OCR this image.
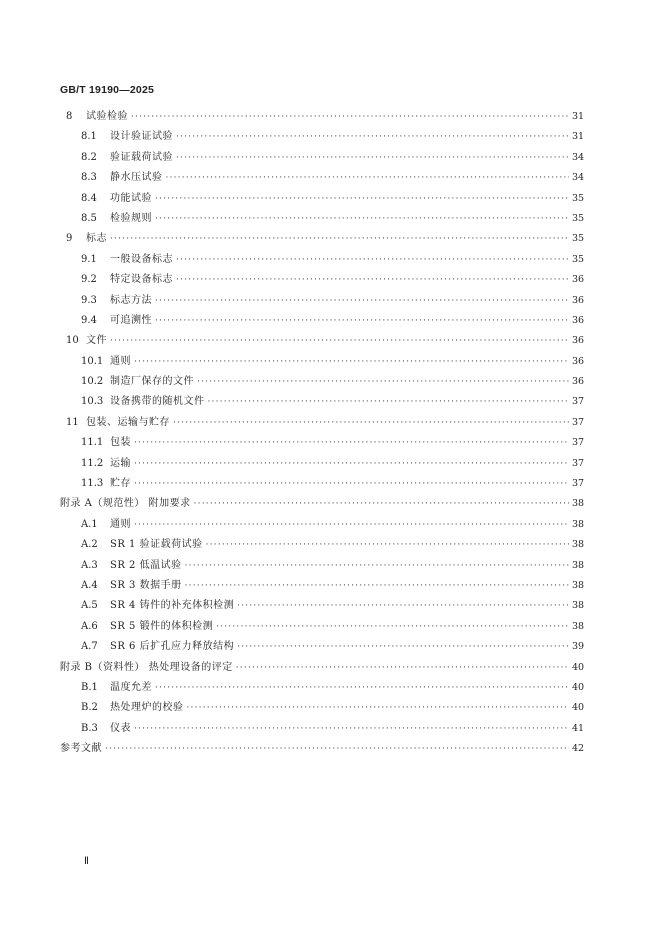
GB/T 19190—2025
8	试验检验 ·····	31
8.1	设计验证试验 ·····	31
8.2	验证载荷试验 ·····	34
8.3	静水压试验 ·····	34
8.4	功能试验 ·····	35
8.5	检验规则 ·····	35
9	标志 ·····	35
9.1	一般设备标志 ·····	35
9.2	特定设备标志 ·····	36
9.3	标志方法 ·····	36
9.4	可追溯性 ·····	36
10 文件 ·····	36
10.1 通则 ·····	36
10.2 制造厂保存的文件 ·····	36
10.3 设备携带的随机文件 ·····	37
11 包装、运输与贮存 ·····	37
11.1 包装 ·····	37
11.2 运输 ·····	37
11.3 贮存 ·····	37
附录 A（规范性） 附加要求 ·····	38
A.1	通则 ·····	38
A.2	SR 1 验证载荷试验 ·····	38
A.3	SR 2 低温试验 ·····	38
A.4	SR 3 数据手册 ·····	38
A.5	SR 4 铸件的补充体积检测 ·····	38
A.6	SR 5 锻件的体积检测 ·····	38
A.7	SR 6 后扩孔应力释放结构 ·····	39
附录 B（资料性） 热处理设备的评定 ·····	40
B.1	温度允差 ·····	40
B.2	热处理炉的校验 ·····	40
B.3	仪表 ·····	41
参考文献 ·····	42
Ⅱ
